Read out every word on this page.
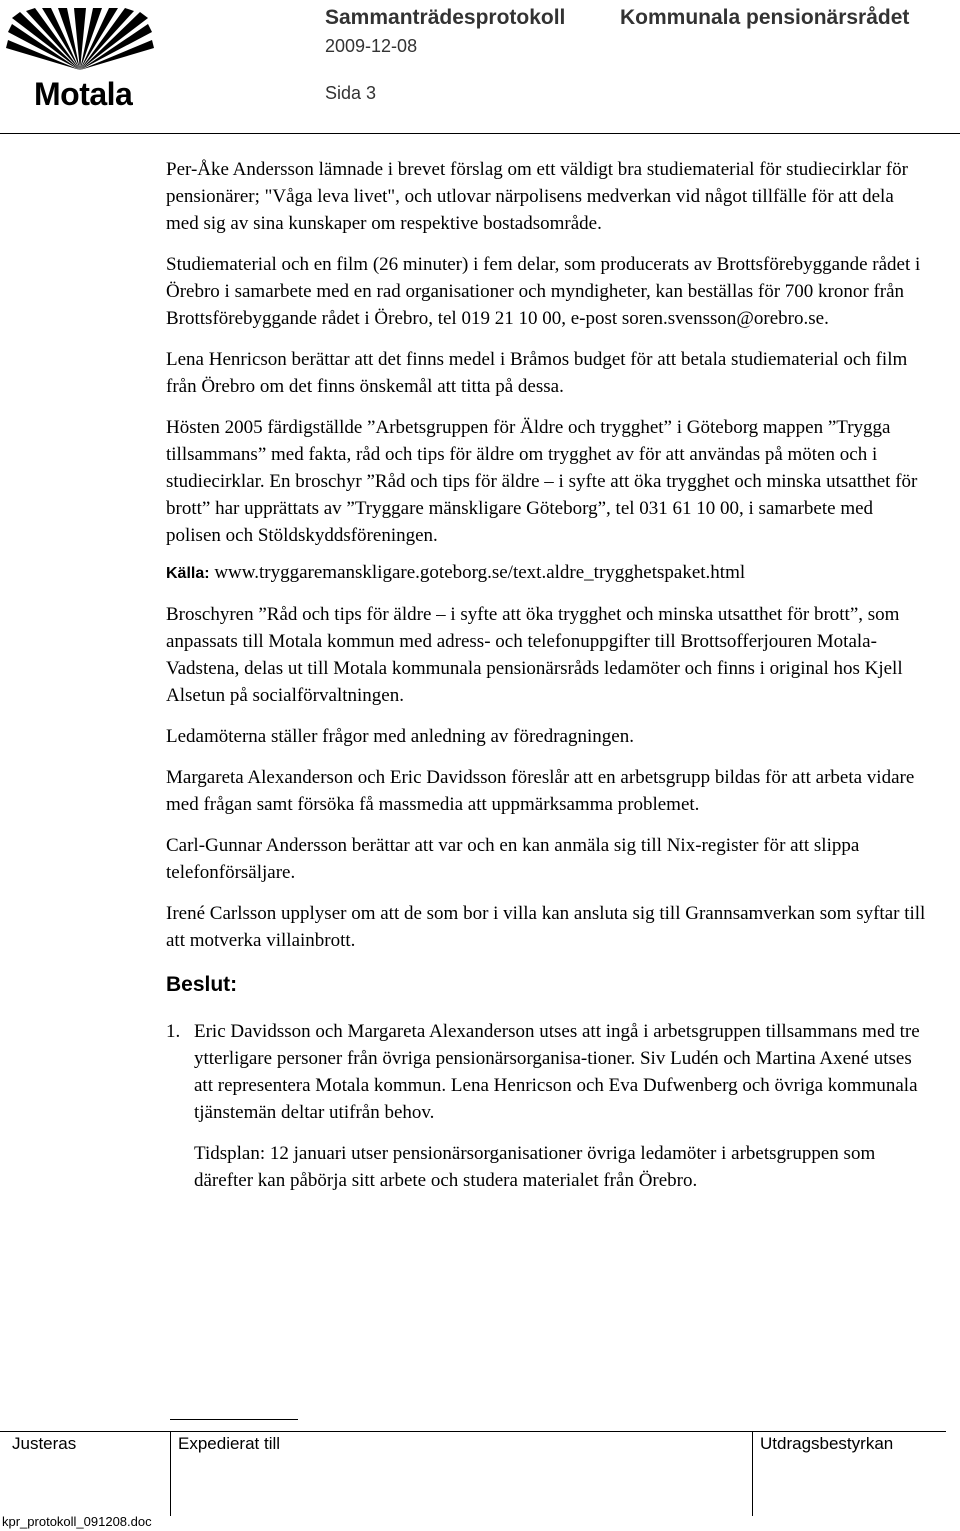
Motala
Sammanträdesprotokoll	Kommunala pensionärsrådet
2009-12-08
Sida 3

Per-Åke Andersson lämnade i brevet förslag om ett väldigt bra studiematerial för studiecirklar för pensionärer; "Våga leva livet", och utlovar närpolisens medverkan vid något tillfälle för att dela med sig av sina kunskaper om respektive bostadsområde.

Studiematerial och en film (26 minuter) i fem delar, som producerats av Brottsförebyggande rådet i Örebro i samarbete med en rad organisationer och myndigheter, kan beställas för 700 kronor från Brottsförebyggande rådet i Örebro, tel 019 21 10 00, e-post soren.svensson@orebro.se.

Lena Henricson berättar att det finns medel i Bråmos budget för att betala studiematerial och film från Örebro om det finns önskemål att titta på dessa.

Hösten 2005 färdigställde ”Arbetsgruppen för Äldre och trygghet” i Göteborg mappen ”Trygga tillsammans” med fakta, råd och tips för äldre om trygghet av för att användas på möten och i studiecirklar. En broschyr ”Råd och tips för äldre – i syfte att öka trygghet och minska utsatthet för brott” har upprättats av ”Tryggare mänskligare Göteborg”, tel 031 61 10 00, i samarbete med polisen och Stöldskyddsföreningen.

Källa: www.tryggaremanskligare.goteborg.se/text.aldre_trygghetspaket.html

Broschyren ”Råd och tips för äldre – i syfte att öka trygghet och minska utsatthet för brott”, som anpassats till Motala kommun med adress- och telefonuppgifter till Brottsofferjouren Motala-Vadstena, delas ut till Motala kommunala pensionärsråds ledamöter och finns i original hos Kjell Alsetun på socialförvaltningen.

Ledamöterna ställer frågor med anledning av föredragningen.

Margareta Alexanderson och Eric Davidsson föreslår att en arbetsgrupp bildas för att arbeta vidare med frågan samt försöka få massmedia att uppmärksamma problemet.

Carl-Gunnar Andersson berättar att var och en kan anmäla sig till Nix-register för att slippa telefonförsäljare.

Irené Carlsson upplyser om att de som bor i villa kan ansluta sig till Grannsamverkan som syftar till att motverka villainbrott.

Beslut:
1. Eric Davidsson och Margareta Alexanderson utses att ingå i arbetsgruppen tillsammans med tre ytterligare personer från övriga pensionärsorganisa-tioner. Siv Ludén och Martina Axené utses att representera Motala kommun. Lena Henricson och Eva Dufwenberg och övriga kommunala tjänstemän deltar utifrån behov.

Tidsplan: 12 januari utser pensionärsorganisationer övriga ledamöter i arbetsgruppen som därefter kan påbörja sitt arbete och studera materialet från Örebro.

Justeras	Expedierat till	Utdragsbestyrkan
kpr_protokoll_091208.doc
